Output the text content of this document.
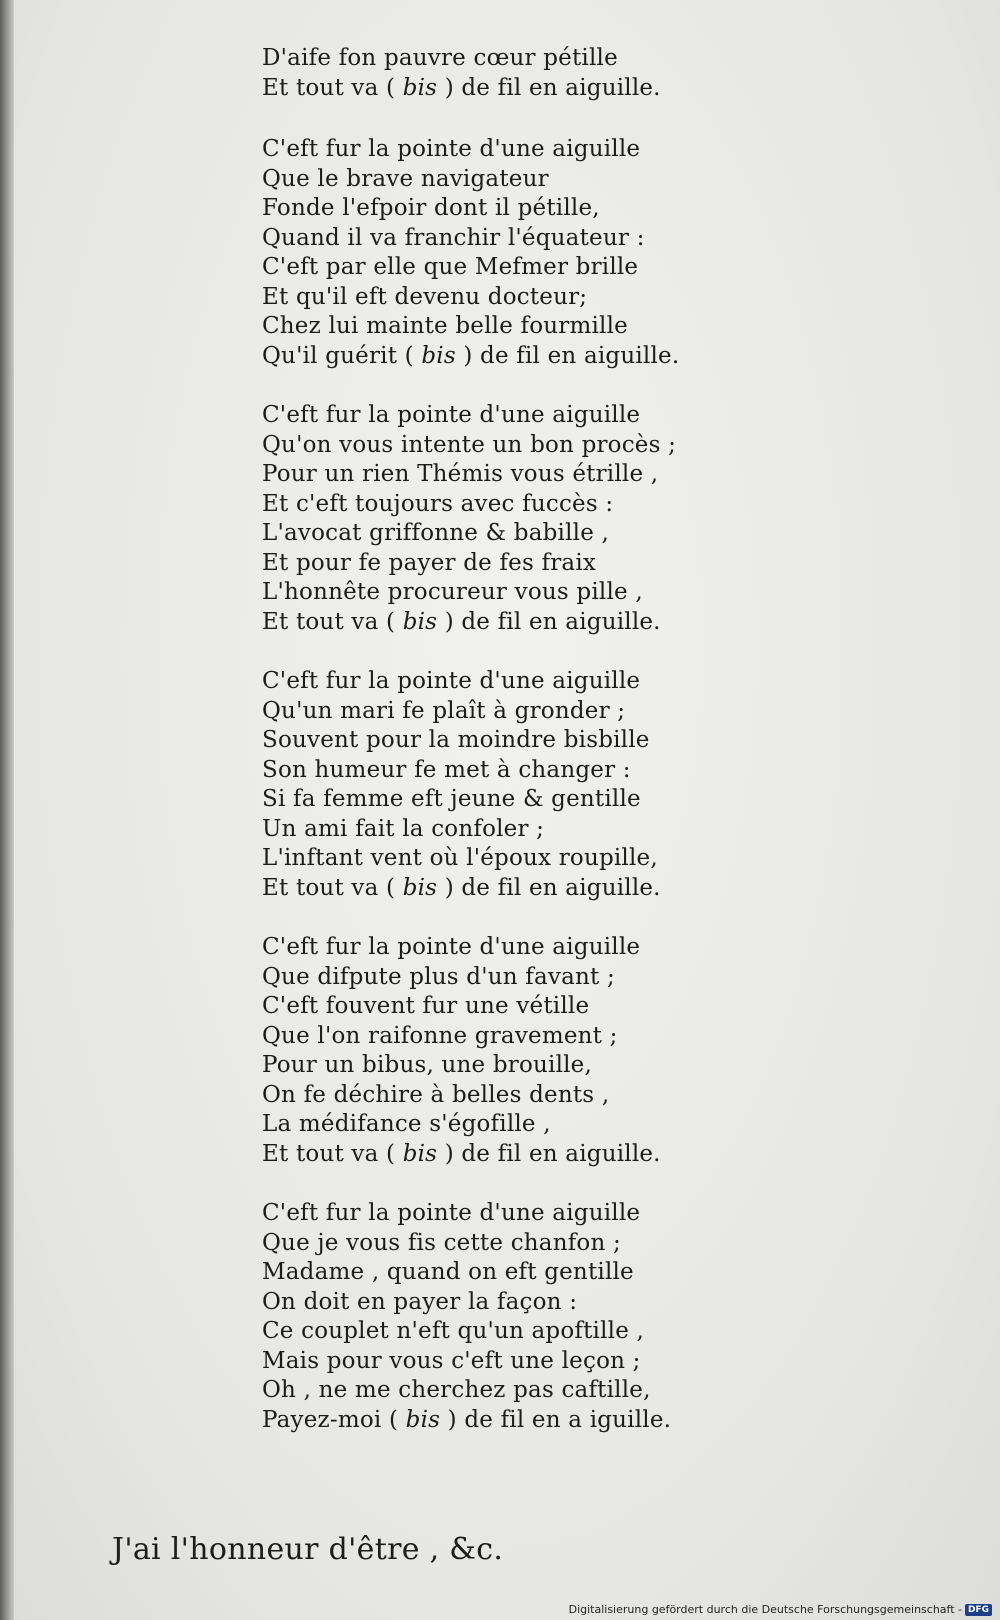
D'aife fon pauvre cœur pétille
Et tout va ( bis ) de fil en aiguille.
C'eft fur la pointe d'une aiguille
Que le brave navigateur
Fonde l'efpoir dont il pétille,
Quand il va franchir l'équateur :
C'eft par elle que Mefmer brille
Et qu'il eft devenu docteur;
Chez lui mainte belle fourmille
Qu'il guérit ( bis ) de fil en aiguille.
C'eft fur la pointe d'une aiguille
Qu'on vous intente un bon procès ;
Pour un rien Thémis vous étrille ,
Et c'eft toujours avec fuccès :
L'avocat griffonne & babille ,
Et pour fe payer de fes fraix
L'honnête procureur vous pille ,
Et tout va ( bis ) de fil en aiguille.
C'eft fur la pointe d'une aiguille
Qu'un mari fe plaît à gronder ;
Souvent pour la moindre bisbille
Son humeur fe met à changer :
Si fa femme eft jeune & gentille
Un ami fait la confoler ;
L'inftant vent où l'époux roupille,
Et tout va ( bis ) de fil en aiguille.
C'eft fur la pointe d'une aiguille
Que difpute plus d'un favant ;
C'eft fouvent fur une vétille
Que l'on raifonne gravement ;
Pour un bibus, une brouille,
On fe déchire à belles dents ,
La médifance s'égofille ,
Et tout va ( bis ) de fil en aiguille.
C'eft fur la pointe d'une aiguille
Que je vous fis cette chanfon ;
Madame , quand on eft gentille
On doit en payer la façon :
Ce couplet n'eft qu'un apoftille ,
Mais pour vous c'eft une leçon ;
Oh , ne me cherchez pas caftille,
Payez-moi ( bis ) de fil en a iguille.
J'ai l'honneur d'être , &c.
Digitalisierung gefördert durch die Deutsche Forschungsgemeinschaft - DFG
